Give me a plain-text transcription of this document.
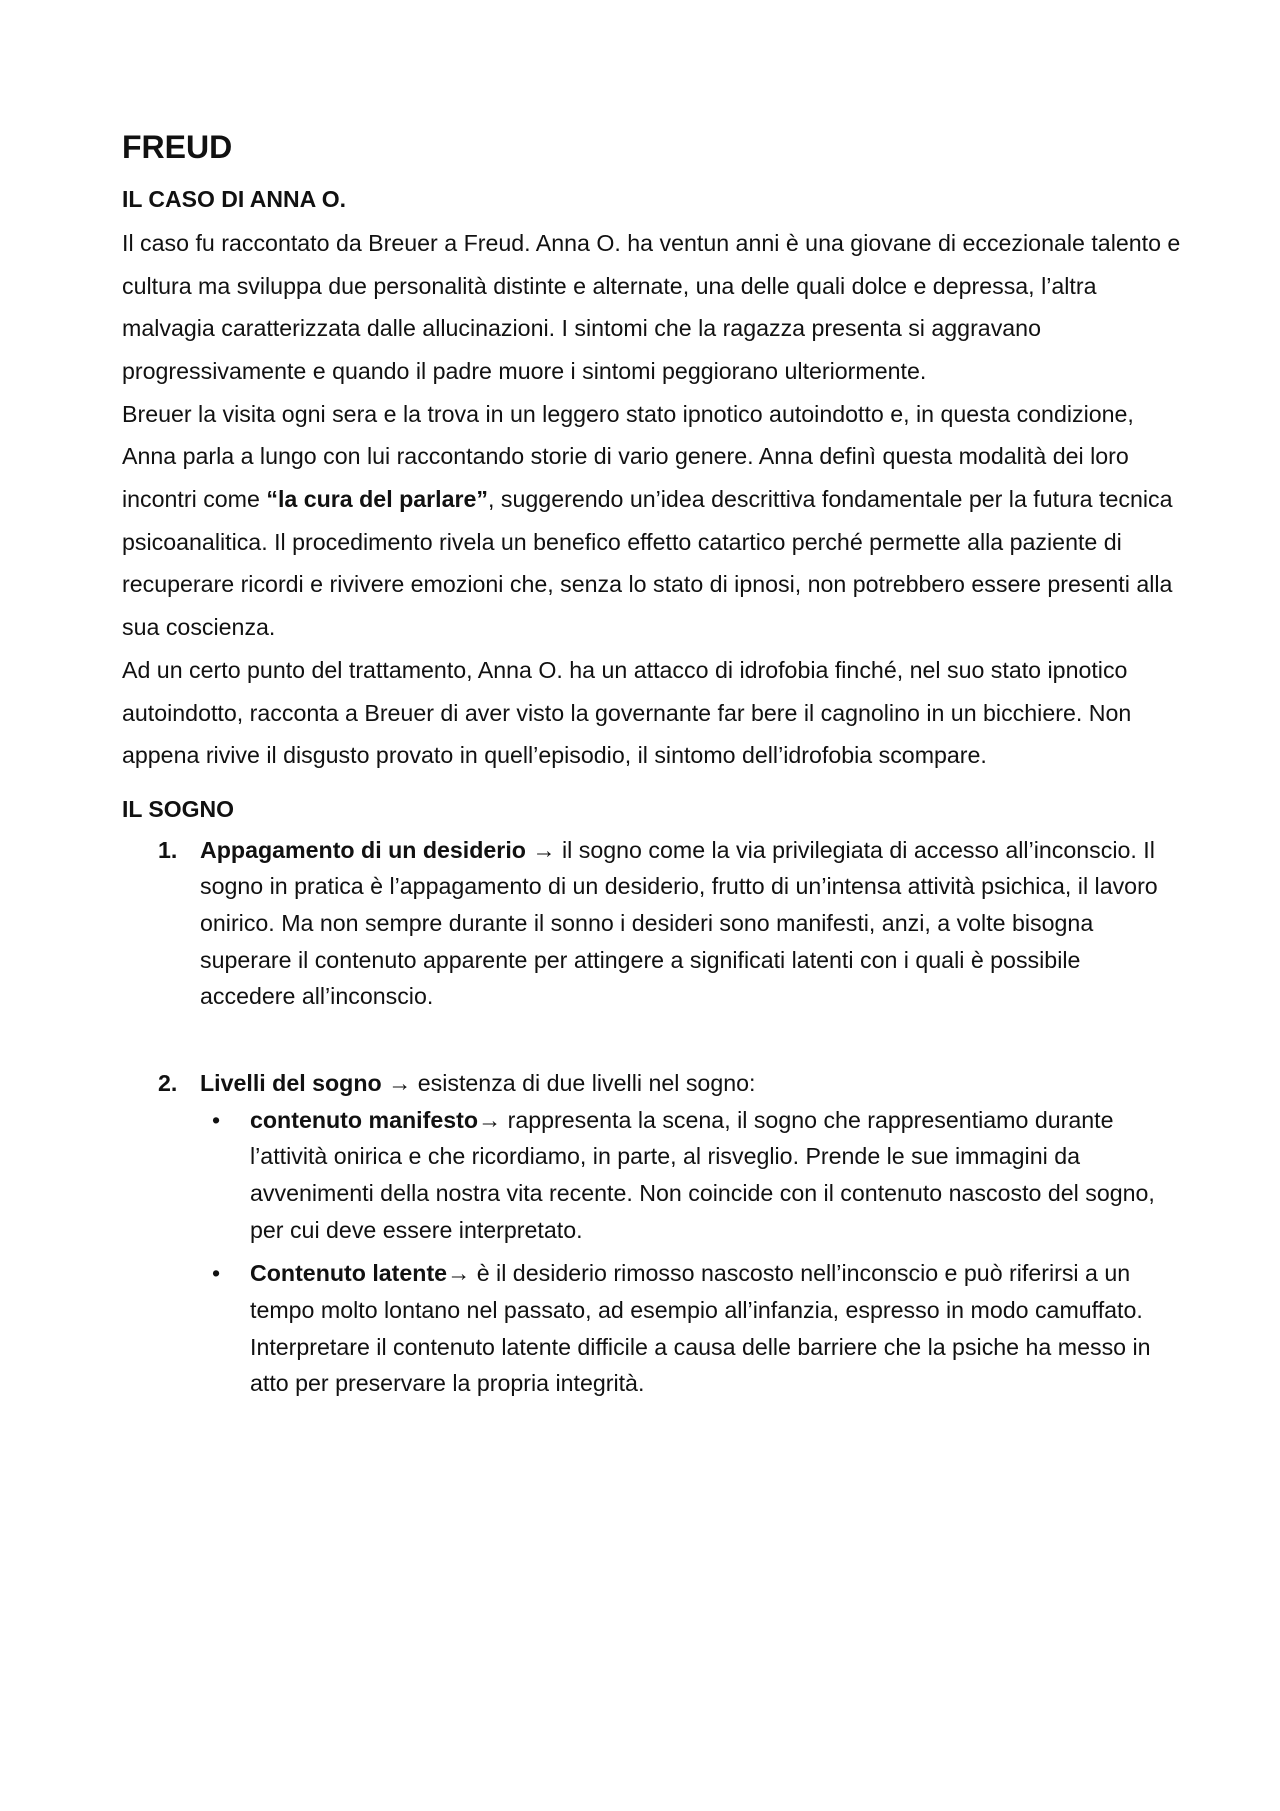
FREUD
IL CASO DI ANNA O.
Il caso fu raccontato da Breuer a Freud. Anna O. ha ventun anni è una giovane di eccezionale talento e cultura ma sviluppa due personalità distinte e alternate, una delle quali dolce e depressa, l’altra malvagia caratterizzata dalle allucinazioni. I sintomi che la ragazza presenta si aggravano progressivamente e quando il padre muore i sintomi peggiorano ulteriormente.
Breuer la visita ogni sera e la trova in un leggero stato ipnotico autoindotto e, in questa condizione, Anna parla a lungo con lui raccontando storie di vario genere. Anna definì questa modalità dei loro incontri come “la cura del parlare”, suggerendo un’idea descrittiva fondamentale per la futura tecnica psicoanalitica. Il procedimento rivela un benefico effetto catartico perché permette alla paziente di recuperare ricordi e rivivere emozioni che, senza lo stato di ipnosi, non potrebbero essere presenti alla sua coscienza.
Ad un certo punto del trattamento, Anna O. ha un attacco di idrofobia finché, nel suo stato ipnotico autoindotto, racconta a Breuer di aver visto la governante far bere il cagnolino in un bicchiere. Non appena rivive il disgusto provato in quell’episodio, il sintomo dell’idrofobia scompare.
IL SOGNO
1. Appagamento di un desiderio → il sogno come la via privilegiata di accesso all’inconscio. Il sogno in pratica è l’appagamento di un desiderio, frutto di un’intensa attività psichica, il lavoro onirico. Ma non sempre durante il sonno i desideri sono manifesti, anzi, a volte bisogna superare il contenuto apparente per attingere a significati latenti con i quali è possibile accedere all’inconscio.
2. Livelli del sogno → esistenza di due livelli nel sogno:
• contenuto manifesto→ rappresenta la scena, il sogno che rappresentiamo durante l’attività onirica e che ricordiamo, in parte, al risveglio. Prende le sue immagini da avvenimenti della nostra vita recente. Non coincide con il contenuto nascosto del sogno, per cui deve essere interpretato.
• Contenuto latente→ è il desiderio rimosso nascosto nell’inconscio e può riferirsi a un tempo molto lontano nel passato, ad esempio all’infanzia, espresso in modo camuffato. Interpretare il contenuto latente difficile a causa delle barriere che la psiche ha messo in atto per preservare la propria integrità.
